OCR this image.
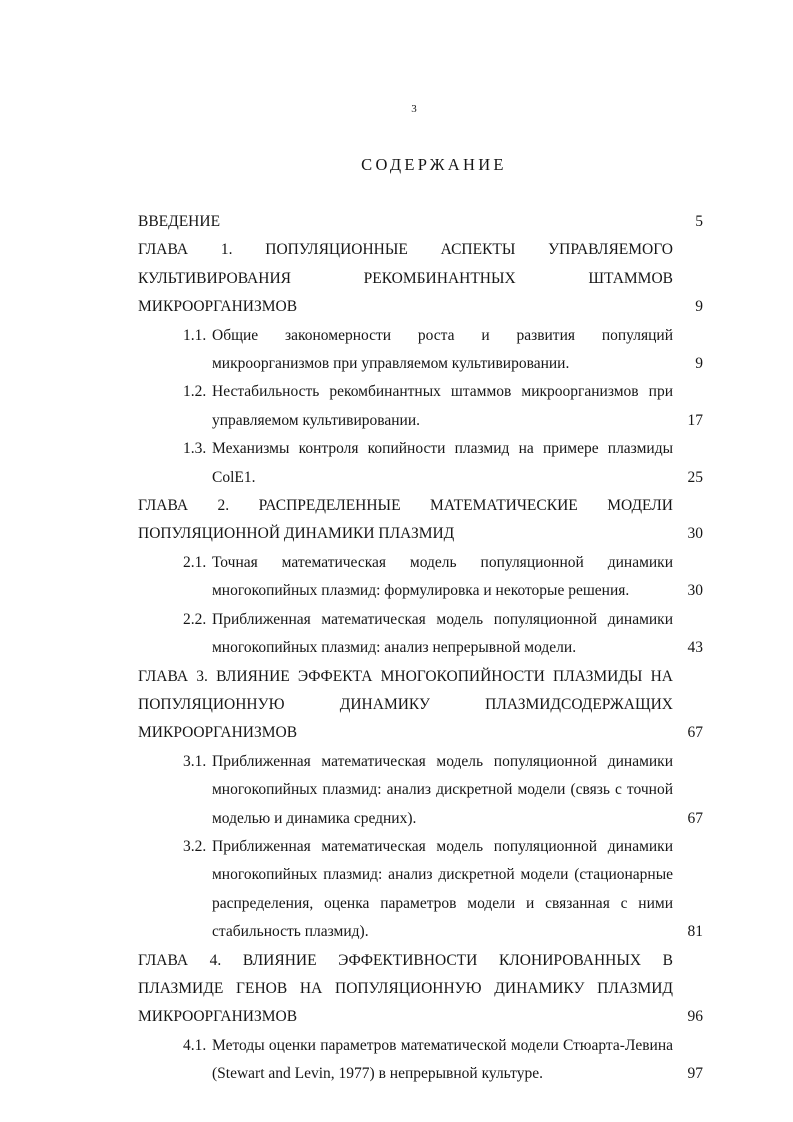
3
СОДЕРЖАНИЕ
ВВЕДЕНИЕ	5
ГЛАВА 1. ПОПУЛЯЦИОННЫЕ АСПЕКТЫ УПРАВЛЯЕМОГО КУЛЬТИВИРОВАНИЯ РЕКОМБИНАНТНЫХ ШТАММОВ МИКРООРГАНИЗМОВ	9
1.1. Общие закономерности роста и развития популяций микроорганизмов при управляемом культивировании.	9
1.2. Нестабильность рекомбинантных штаммов микроорганизмов при управляемом культивировании.	17
1.3. Механизмы контроля копийности плазмид на примере плазмиды ColE1.	25
ГЛАВА 2. РАСПРЕДЕЛЕННЫЕ МАТЕМАТИЧЕСКИЕ МОДЕЛИ ПОПУЛЯЦИОННОЙ ДИНАМИКИ ПЛАЗМИД	30
2.1. Точная математическая модель популяционной динамики многокопийных плазмид: формулировка и некоторые решения.	30
2.2. Приближенная математическая модель популяционной динамики многокопийных плазмид: анализ непрерывной модели.	43
ГЛАВА 3. ВЛИЯНИЕ ЭФФЕКТА МНОГОКОПИЙНОСТИ ПЛАЗМИДЫ НА ПОПУЛЯЦИОННУЮ ДИНАМИКУ ПЛАЗМИДСОДЕРЖАЩИХ МИКРООРГАНИЗМОВ	67
3.1. Приближенная математическая модель популяционной динамики многокопийных плазмид: анализ дискретной модели (связь с точной моделью и динамика средних).	67
3.2. Приближенная математическая модель популяционной динамики многокопийных плазмид: анализ дискретной модели (стационарные распределения, оценка параметров модели и связанная с ними стабильность плазмид).	81
ГЛАВА 4. ВЛИЯНИЕ ЭФФЕКТИВНОСТИ КЛОНИРОВАННЫХ В ПЛАЗМИДЕ ГЕНОВ НА ПОПУЛЯЦИОННУЮ ДИНАМИКУ ПЛАЗМИД МИКРООРГАНИЗМОВ	96
4.1. Методы оценки параметров математической модели Стюарта-Левина (Stewart and Levin, 1977) в непрерывной культуре.	97
